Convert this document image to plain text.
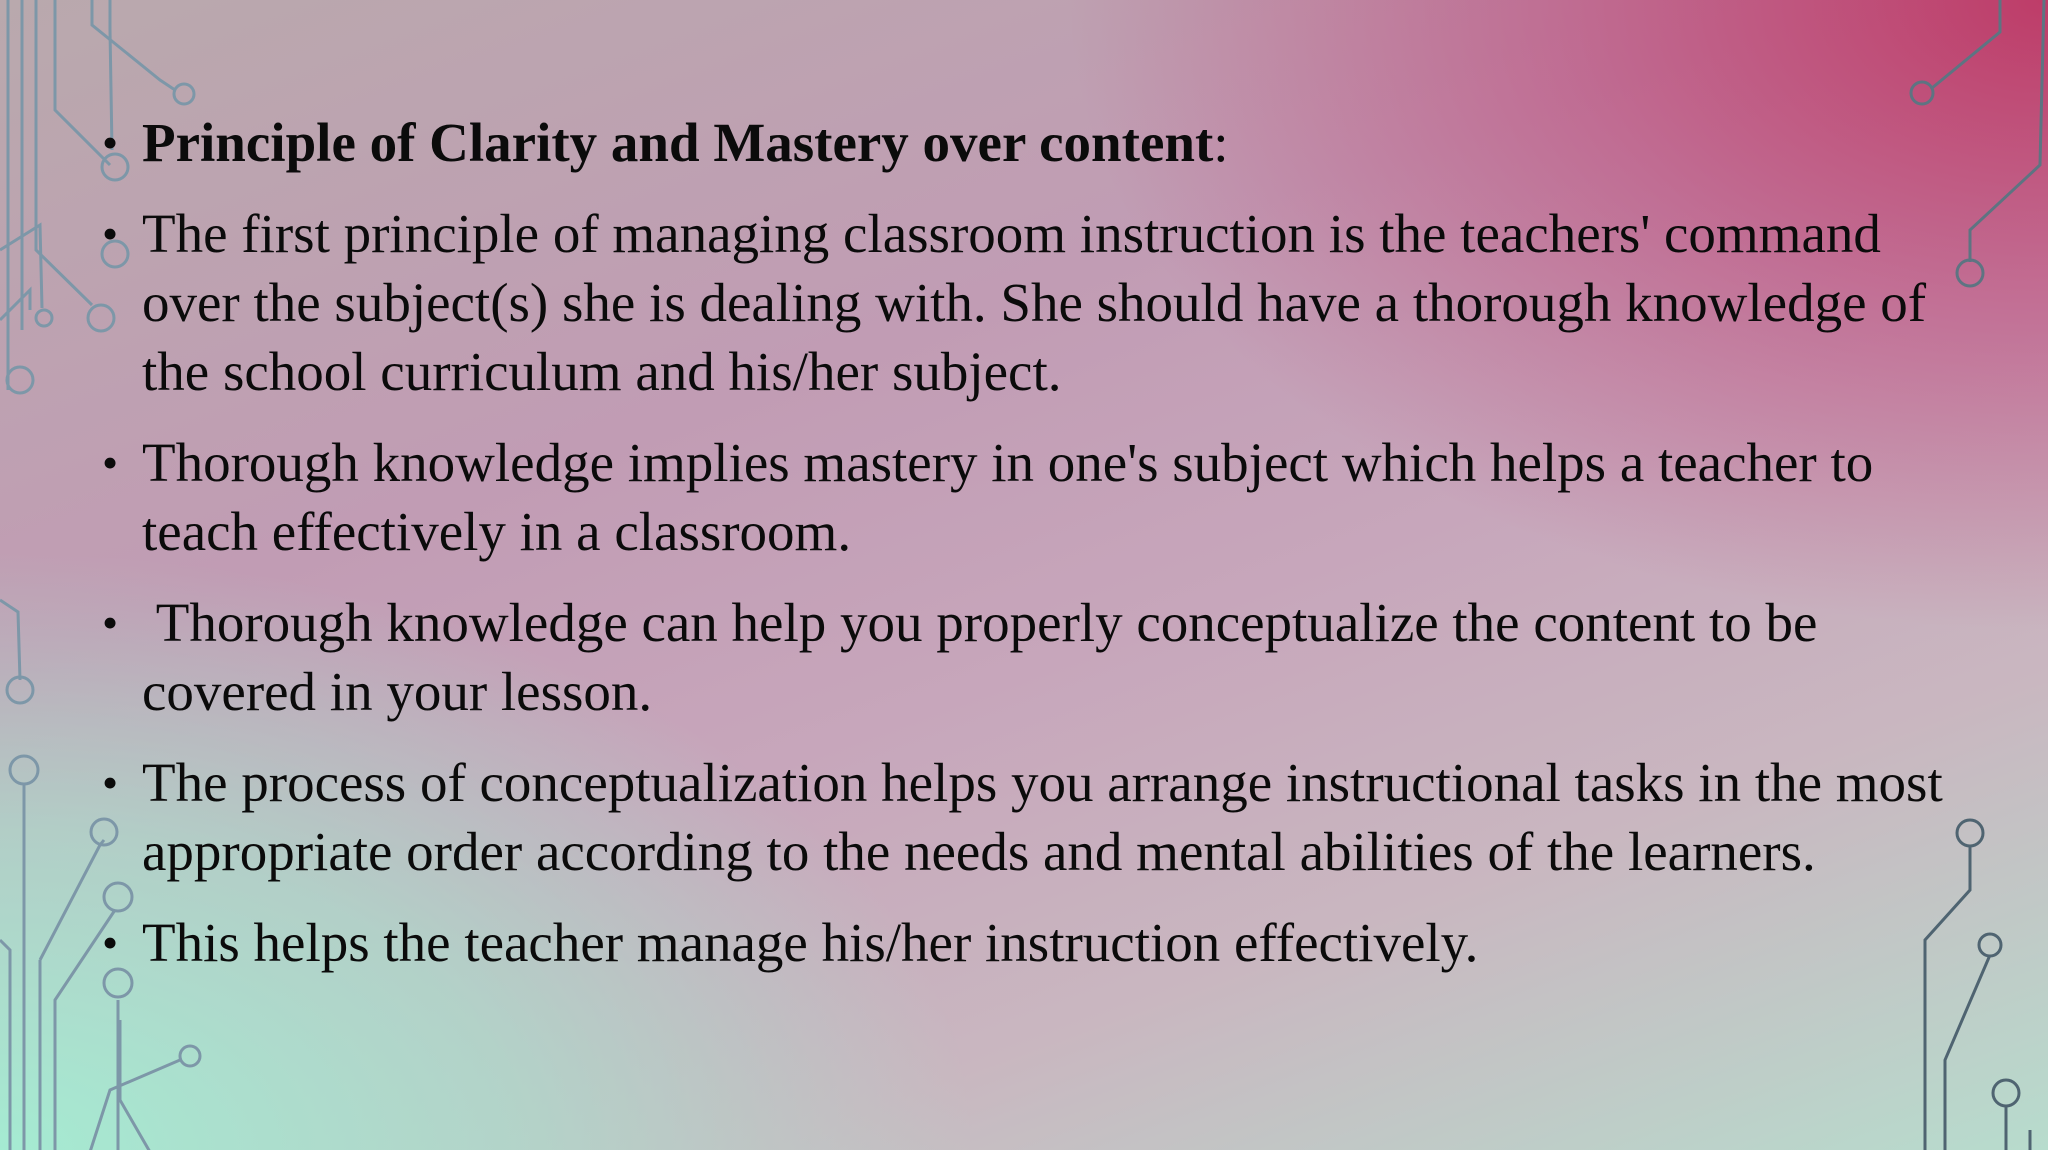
• Principle of Clarity and Mastery over content:
• The first principle of managing classroom instruction is the teachers' command over the subject(s) she is dealing with. She should have a thorough knowledge of the school curriculum and his/her subject.
• Thorough knowledge implies mastery in one's subject which helps a teacher to teach effectively in a classroom.
• Thorough knowledge can help you properly conceptualize the content to be covered in your lesson.
• The process of conceptualization helps you arrange instructional tasks in the most appropriate order according to the needs and mental abilities of the learners.
• This helps the teacher manage his/her instruction effectively.
